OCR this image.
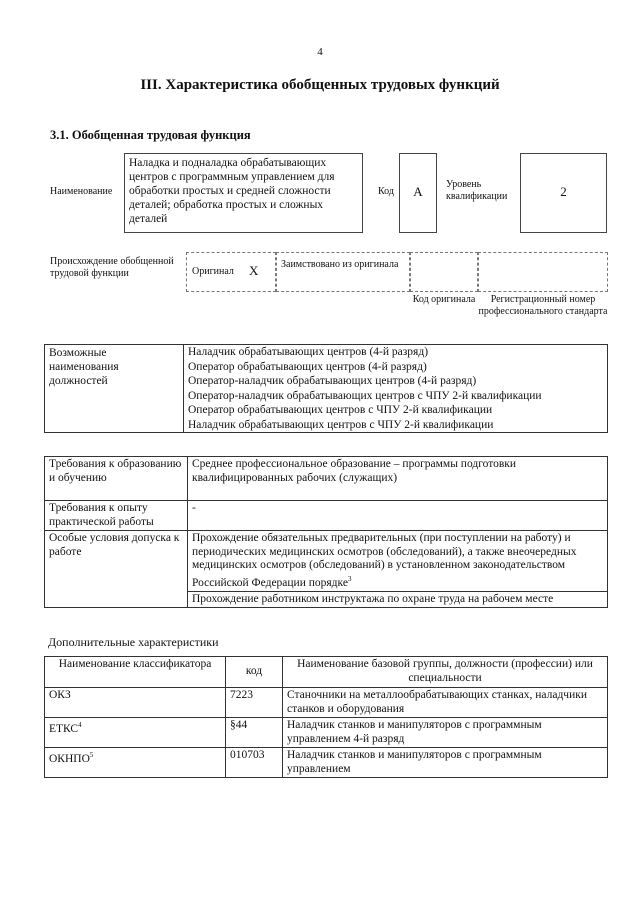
4
III. Характеристика обобщенных трудовых функций
3.1. Обобщенная трудовая функция
Наименование
Наладка и подналадка обрабатывающих центров с программным управлением для обработки простых и средней сложности деталей; обработка простых и сложных деталей
Код	А	Уровень квалификации	2
Происхождение обобщенной трудовой функции	Оригинал X	Заимствовано из оригинала
Код оригинала	Регистрационный номер профессионального стандарта
Возможные наименования должностей	
Наладчик обрабатывающих центров (4-й разряд)
Оператор обрабатывающих центров (4-й разряд)
Оператор-наладчик обрабатывающих центров (4-й разряд)
Оператор-наладчик обрабатывающих центров с ЧПУ 2-й квалификации
Оператор обрабатывающих центров с ЧПУ 2-й квалификации
Наладчик обрабатывающих центров с ЧПУ 2-й квалификации
Требования к образованию и обучению	Среднее профессиональное образование – программы подготовки квалифицированных рабочих (служащих)
Требования к опыту практической работы	-
Особые условия допуска к работе	Прохождение обязательных предварительных (при поступлении на работу) и периодических медицинских осмотров (обследований), а также внеочередных медицинских осмотров (обследований) в установленном законодательством Российской Федерации порядке$^3$
	Прохождение работником инструктажа по охране труда на рабочем месте
Дополнительные характеристики
Наименование классификатора	код	Наименование базовой группы, должности (профессии) или специальности
ОКЗ	7223	Станочники на металлообрабатывающих станках, наладчики станков и оборудования
ЕТКС$^4$	§44	Наладчик станков и манипуляторов с программным управлением 4-й разряд
ОКНПО$^5$	010703	Наладчик станков и манипуляторов с программным управлением
